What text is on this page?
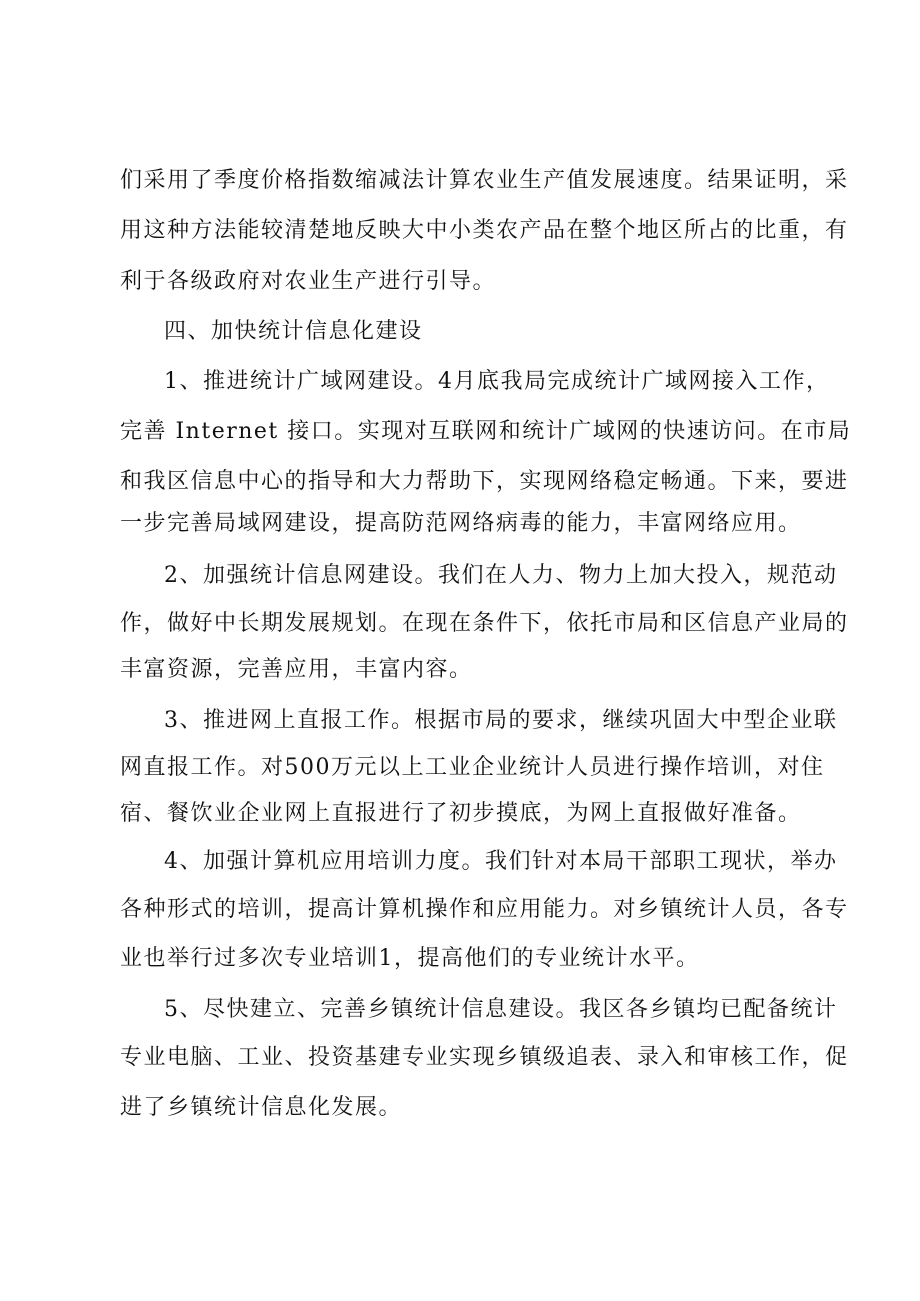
们采用了季度价格指数缩减法计算农业生产值发展速度。结果证明，采
用这种方法能较清楚地反映大中小类农产品在整个地区所占的比重，有
利于各级政府对农业生产进行引导。
四、加快统计信息化建设
1、推进统计广域网建设。4月底我局完成统计广域网接入工作，
完善 Internet 接口。实现对互联网和统计广域网的快速访问。在市局
和我区信息中心的指导和大力帮助下，实现网络稳定畅通。下来，要进
一步完善局域网建设，提高防范网络病毒的能力，丰富网络应用。
2、加强统计信息网建设。我们在人力、物力上加大投入，规范动
作，做好中长期发展规划。在现在条件下，依托市局和区信息产业局的
丰富资源，完善应用，丰富内容。
3、推进网上直报工作。根据市局的要求，继续巩固大中型企业联
网直报工作。对500万元以上工业企业统计人员进行操作培训，对住
宿、餐饮业企业网上直报进行了初步摸底，为网上直报做好准备。
4、加强计算机应用培训力度。我们针对本局干部职工现状，举办
各种形式的培训，提高计算机操作和应用能力。对乡镇统计人员，各专
业也举行过多次专业培训1，提高他们的专业统计水平。
5、尽快建立、完善乡镇统计信息建设。我区各乡镇均已配备统计
专业电脑、工业、投资基建专业实现乡镇级追表、录入和审核工作，促
进了乡镇统计信息化发展。
